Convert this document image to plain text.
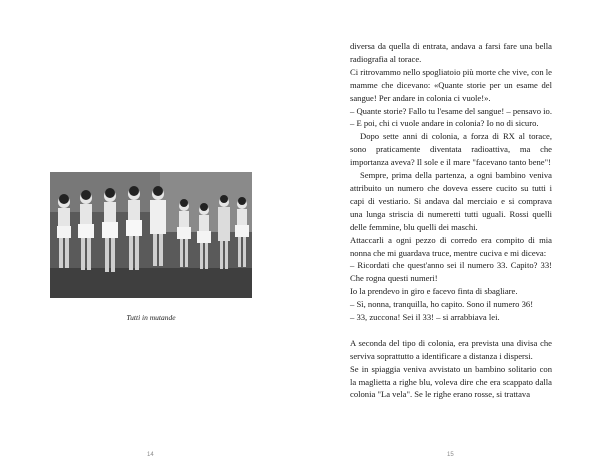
Tutti in mutande
14

diversa da quella di entrata, andava a farsi fare una bella radiografia al torace.

Ci ritrovammo nello spogliatoio più morte che vive, con le mamme che dicevano: «Quante storie per un esame del sangue! Per andare in colonia ci vuole!».

– Quante storie? Fallo tu l'esame del sangue! – pensavo io. – E poi, chi ci vuole andare in colonia? Io no di sicuro.

Dopo sette anni di colonia, a forza di RX al torace, sono praticamente diventata radioattiva, ma che importanza aveva? Il sole e il mare "facevano tanto bene"!

Sempre, prima della partenza, a ogni bambino veniva attribuito un numero che doveva essere cucito su tutti i capi di vestiario. Si andava dal merciaio e si comprava una lunga striscia di numeretti tutti uguali. Rossi quelli delle femmine, blu quelli dei maschi.

Attaccarli a ogni pezzo di corredo era compito di mia nonna che mi guardava truce, mentre cuciva e mi diceva:

– Ricordati che quest'anno sei il numero 33. Capito? 33! Che rogna questi numeri!

Io la prendevo in giro e facevo finta di sbagliare.

– Sì, nonna, tranquilla, ho capito. Sono il numero 36!

– 33, zuccona! Sei il 33! – si arrabbiava lei.

A seconda del tipo di colonia, era prevista una divisa che serviva soprattutto a identificare a distanza i dispersi.

Se in spiaggia veniva avvistato un bambino solitario con la maglietta a righe blu, voleva dire che era scappato dalla colonia "La vela". Se le righe erano rosse, si trattava

15
